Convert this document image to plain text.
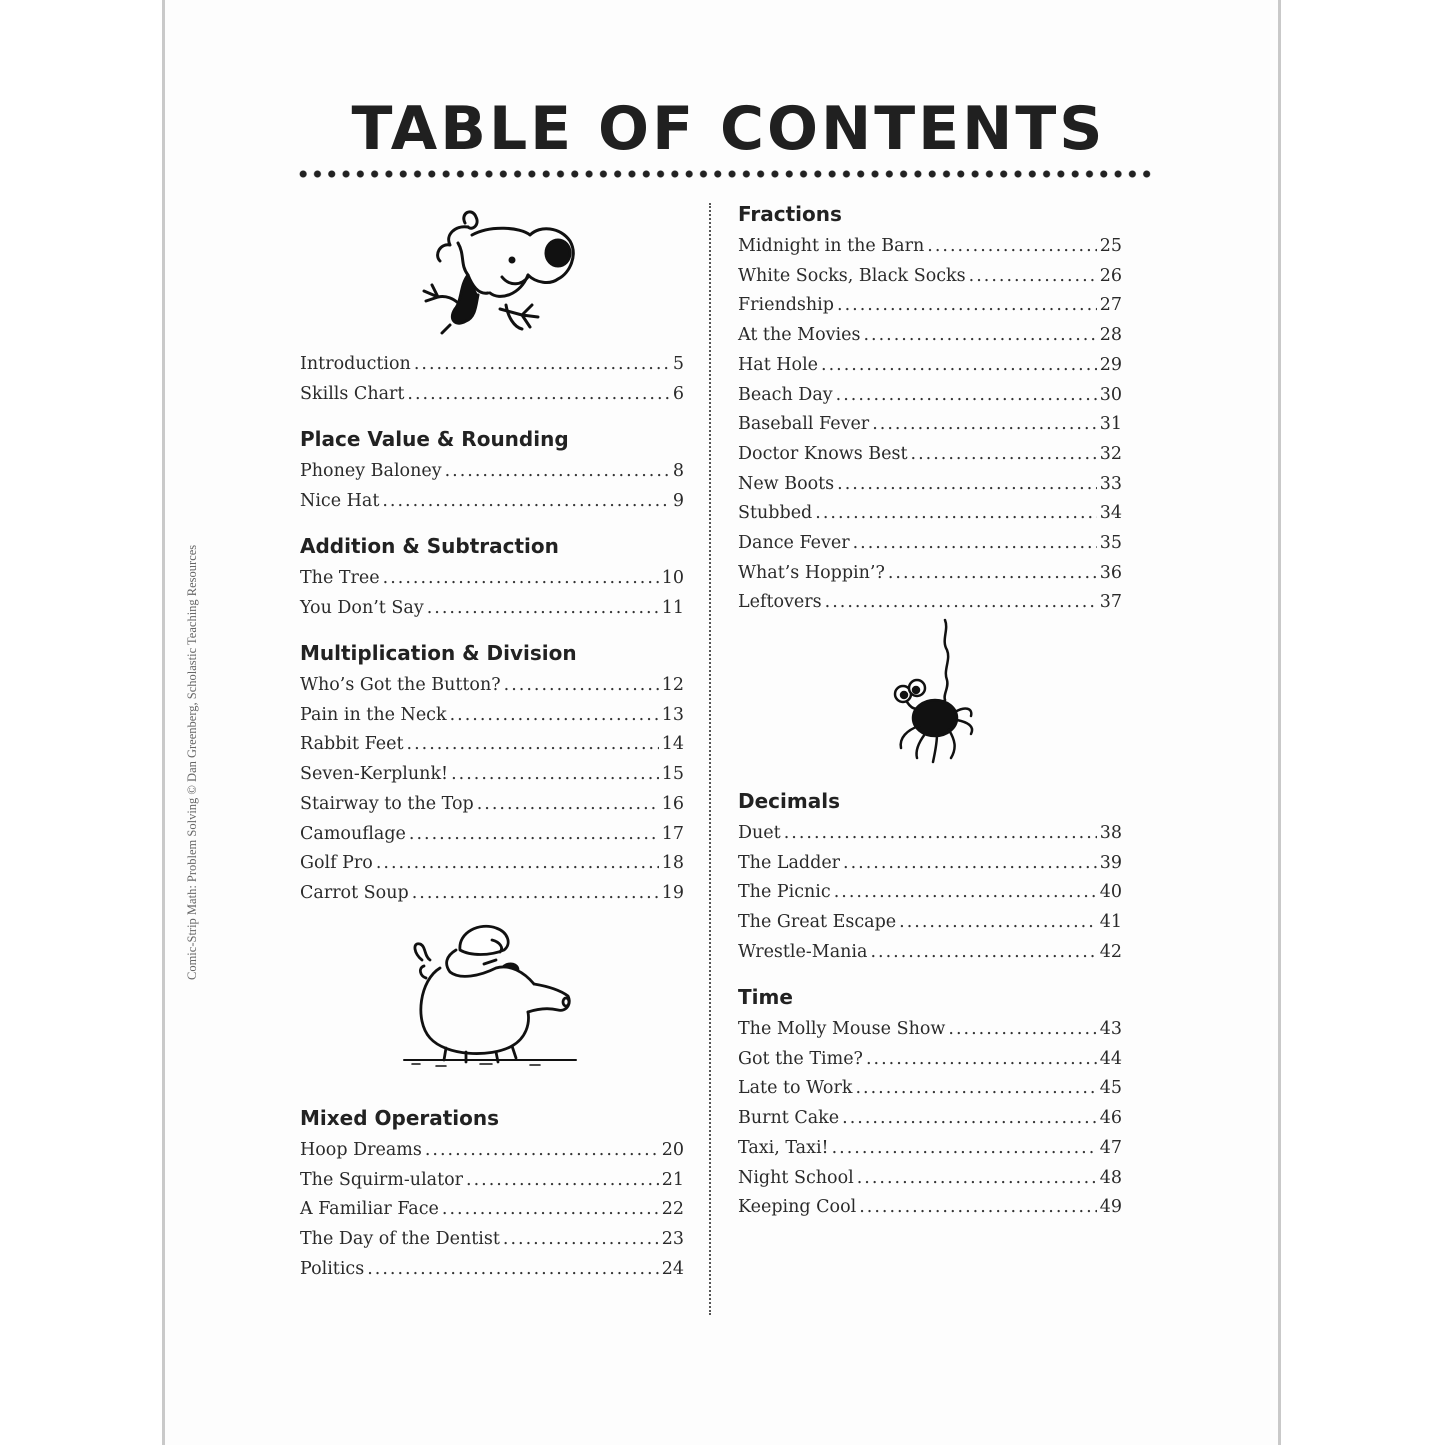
TABLE OF CONTENTS
Comic-Strip Math: Problem Solving © Dan Greenberg, Scholastic Teaching Resources
Introduction .....	5
Skills Chart .....	6
Place Value & Rounding
Phoney Baloney .....	8
Nice Hat .....	9
Addition & Subtraction
The Tree .....	10
You Don’t Say .....	11
Multiplication & Division
Who’s Got the Button? .....	12
Pain in the Neck .....	13
Rabbit Feet .....	14
Seven-Kerplunk! .....	15
Stairway to the Top .....	16
Camouflage .....	17
Golf Pro .....	18
Carrot Soup .....	19
Mixed Operations
Hoop Dreams .....	20
The Squirm-ulator .....	21
A Familiar Face .....	22
The Day of the Dentist .....	23
Politics .....	24
Fractions
Midnight in the Barn .....	25
White Socks, Black Socks .....	26
Friendship .....	27
At the Movies .....	28
Hat Hole .....	29
Beach Day .....	30
Baseball Fever .....	31
Doctor Knows Best .....	32
New Boots .....	33
Stubbed .....	34
Dance Fever .....	35
What’s Hoppin’? .....	36
Leftovers .....	37
Decimals
Duet .....	38
The Ladder .....	39
The Picnic .....	40
The Great Escape .....	41
Wrestle-Mania .....	42
Time
The Molly Mouse Show .....	43
Got the Time? .....	44
Late to Work .....	45
Burnt Cake .....	46
Taxi, Taxi! .....	47
Night School .....	48
Keeping Cool .....	49
